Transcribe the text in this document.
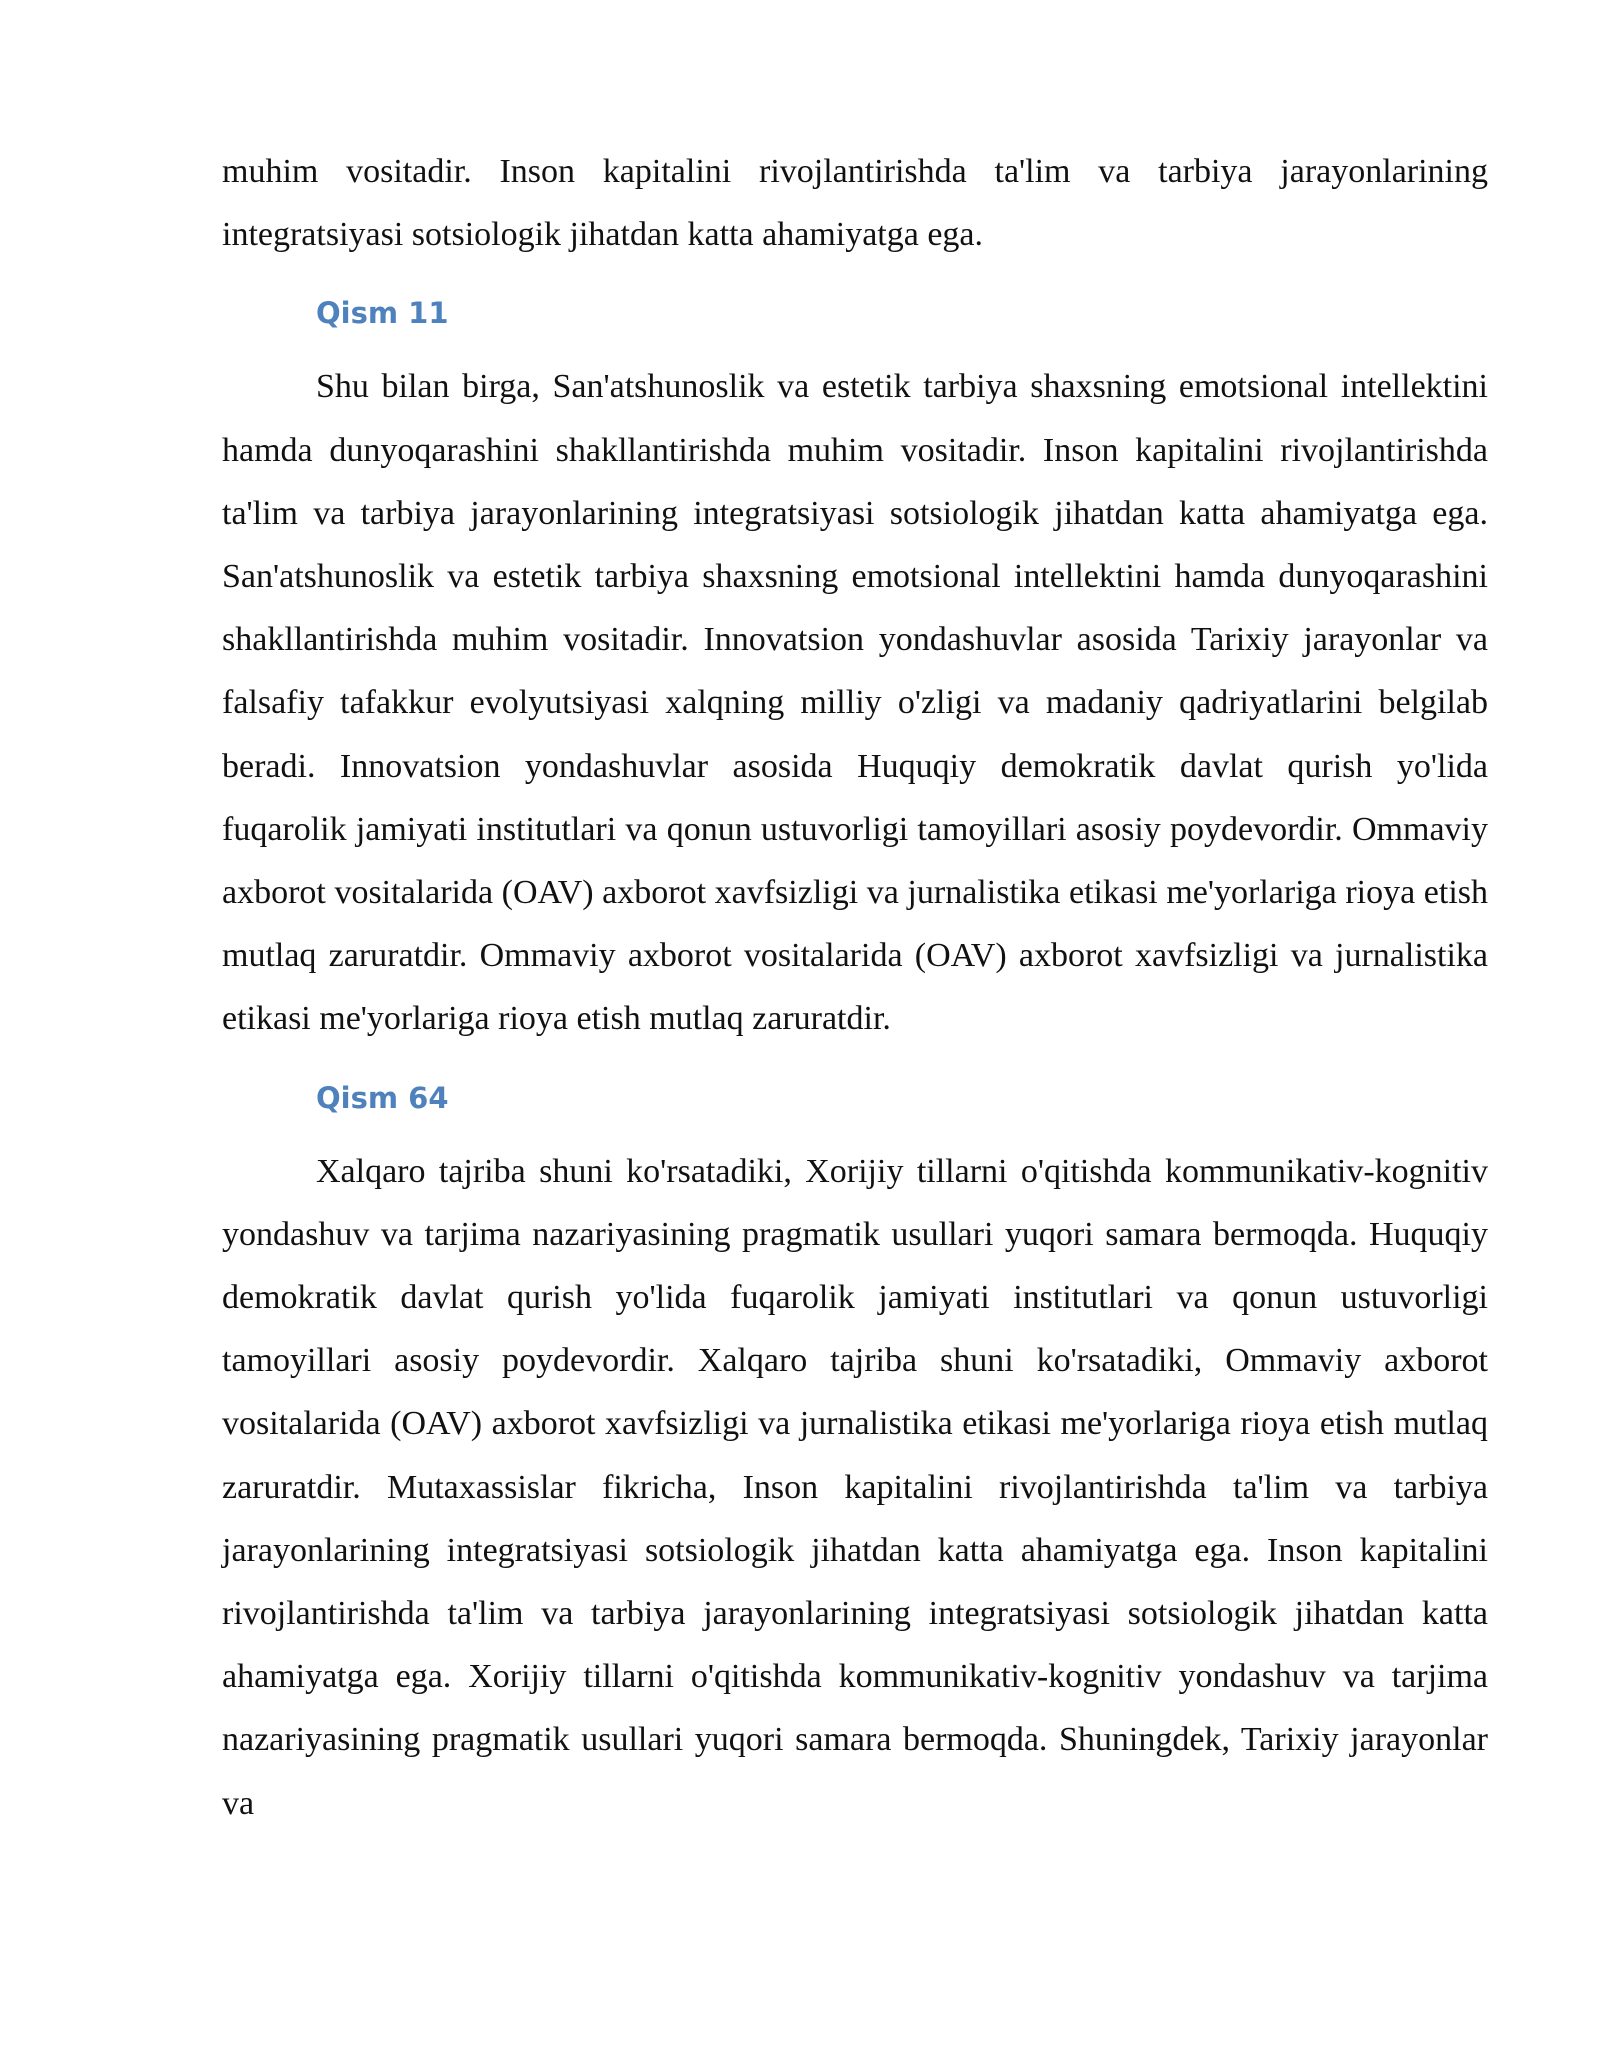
muhim vositadir. Inson kapitalini rivojlantirishda ta'lim va tarbiya jarayonlarining integratsiyasi sotsiologik jihatdan katta ahamiyatga ega.

Qism 11

Shu bilan birga, San'atshunoslik va estetik tarbiya shaxsning emotsional intellektini hamda dunyoqarashini shakllantirishda muhim vositadir. Inson kapitalini rivojlantirishda ta'lim va tarbiya jarayonlarining integratsiyasi sotsiologik jihatdan katta ahamiyatga ega. San'atshunoslik va estetik tarbiya shaxsning emotsional intellektini hamda dunyoqarashini shakllantirishda muhim vositadir. Innovatsion yondashuvlar asosida Tarixiy jarayonlar va falsafiy tafakkur evolyutsiyasi xalqning milliy o'zligi va madaniy qadriyatlarini belgilab beradi. Innovatsion yondashuvlar asosida Huquqiy demokratik davlat qurish yo'lida fuqarolik jamiyati institutlari va qonun ustuvorligi tamoyillari asosiy poydevordir. Ommaviy axborot vositalarida (OAV) axborot xavfsizligi va jurnalistika etikasi me'yorlariga rioya etish mutlaq zaruratdir. Ommaviy axborot vositalarida (OAV) axborot xavfsizligi va jurnalistika etikasi me'yorlariga rioya etish mutlaq zaruratdir.

Qism 64

Xalqaro tajriba shuni ko'rsatadiki, Xorijiy tillarni o'qitishda kommunikativ-kognitiv yondashuv va tarjima nazariyasining pragmatik usullari yuqori samara bermoqda. Huquqiy demokratik davlat qurish yo'lida fuqarolik jamiyati institutlari va qonun ustuvorligi tamoyillari asosiy poydevordir. Xalqaro tajriba shuni ko'rsatadiki, Ommaviy axborot vositalarida (OAV) axborot xavfsizligi va jurnalistika etikasi me'yorlariga rioya etish mutlaq zaruratdir. Mutaxassislar fikricha, Inson kapitalini rivojlantirishda ta'lim va tarbiya jarayonlarining integratsiyasi sotsiologik jihatdan katta ahamiyatga ega. Inson kapitalini rivojlantirishda ta'lim va tarbiya jarayonlarining integratsiyasi sotsiologik jihatdan katta ahamiyatga ega. Xorijiy tillarni o'qitishda kommunikativ-kognitiv yondashuv va tarjima nazariyasining pragmatik usullari yuqori samara bermoqda. Shuningdek, Tarixiy jarayonlar va
